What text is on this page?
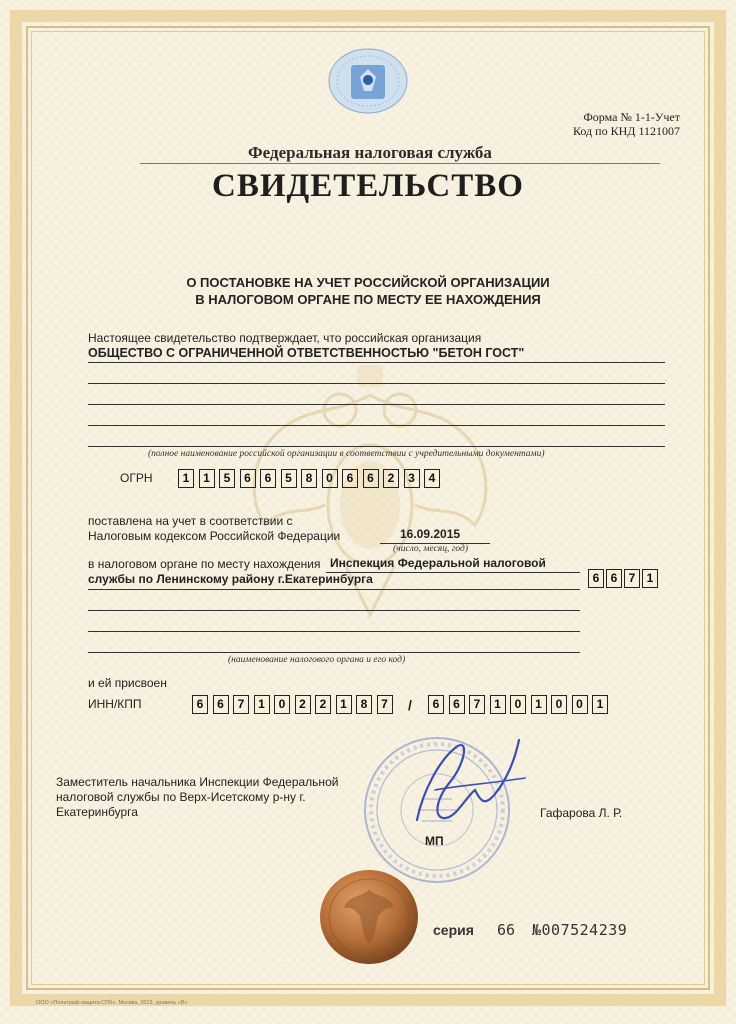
Форма № 1-1-Учет
Код по КНД 1121007
Федеральная налоговая служба
СВИДЕТЕЛЬСТВО
О ПОСТАНОВКЕ НА УЧЕТ РОССИЙСКОЙ ОРГАНИЗАЦИИ
В НАЛОГОВОМ ОРГАНЕ ПО МЕСТУ ЕЕ НАХОЖДЕНИЯ
Настоящее свидетельство подтверждает, что российская организация
ОБЩЕСТВО С ОГРАНИЧЕННОЙ ОТВЕТСТВЕННОСТЬЮ "БЕТОН ГОСТ"
(полное наименование российской организации в соответствии с учредительными документами)
ОГРН	1	1	5	6	6	5	8	0	6	6	2	3	4
поставлена на учет в соответствии с
Налоговым кодексом Российской Федерации	16.09.2015
(число, месяц, год)
в налоговом органе по месту нахождения Инспекция Федеральной налоговой
службы по Ленинскому району г.Екатеринбурга	6 6 7 1
(наименование налогового органа и его код)
и ей присвоен
ИНН/КПП	6	6	7	1	0	2	2	1	8	7	/	6	6	7	1	0	1	0	0	1
Заместитель начальника Инспекции Федеральной
налоговой службы по Верх-Исетскому р-ну г.
Екатеринбурга
МП
Гафарова Л. Р.
серия 66 №007524239
ООО «Полиграф-защита СПб», Москва, 2013, уровень «В»
